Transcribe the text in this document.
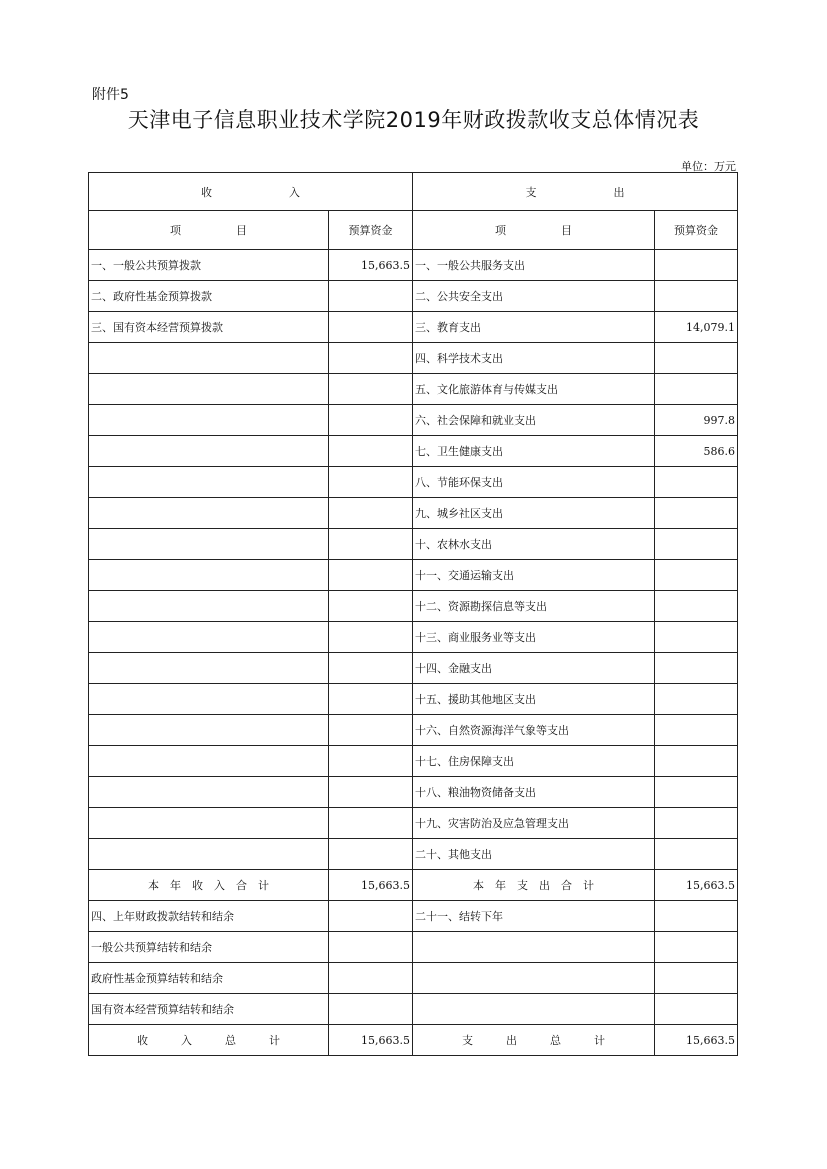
附件5
天津电子信息职业技术学院2019年财政拨款收支总体情况表
单位：万元
收　　　　　　　入		支　　　　　　　出	
项　　　　　目	预算资金	项　　　　　目	预算资金
一、一般公共预算拨款	15,663.5	一、一般公共服务支出	
二、政府性基金预算拨款		二、公共安全支出	
三、国有资本经营预算拨款		三、教育支出	14,079.1
		四、科学技术支出	
		五、文化旅游体育与传媒支出	
		六、社会保障和就业支出	997.8
		七、卫生健康支出	586.6
		八、节能环保支出	
		九、城乡社区支出	
		十、农林水支出	
		十一、交通运输支出	
		十二、资源勘探信息等支出	
		十三、商业服务业等支出	
		十四、金融支出	
		十五、援助其他地区支出	
		十六、自然资源海洋气象等支出	
		十七、住房保障支出	
		十八、粮油物资储备支出	
		十九、灾害防治及应急管理支出	
		二十、其他支出	
本　年　收　入　合　计	15,663.5	本　年　支　出　合　计	15,663.5
四、上年财政拨款结转和结余		二十一、结转下年	
一般公共预算结转和结余			
政府性基金预算结转和结余			
国有资本经营预算结转和结余			
收　　　入　　　总　　　计	15,663.5	支　　　出　　　总　　　计	15,663.5
